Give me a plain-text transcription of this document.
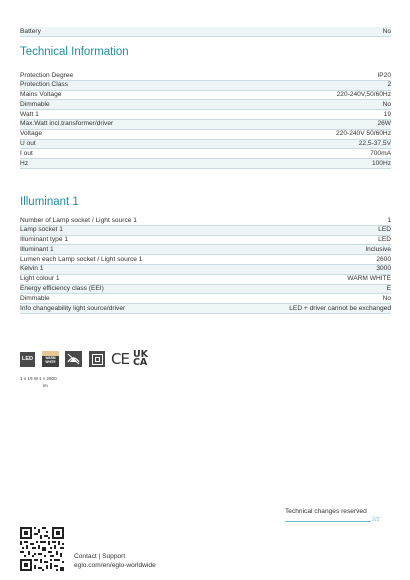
Battery	No
Technical Information
Protection Degree	IP20
Protection Class	2
Mains Voltage	220-240V,50/60Hz
Dimmable	No
Watt 1	19
Max.Watt incl.transformer/driver	26W
Voltage	220-240V 50/60Hz
U out	22,5-37,5V
I out	700mA
Hz	100Hz
Illuminant 1
Number of Lamp socket / Light source 1	1
Lamp socket 1	LED
Illuminant type 1	LED
Illuminant 1	Inclusive
Lumen each Lamp socket / Light source 1	2600
Kelvin 1	3000
Light colour 1	WARM WHITE
Energy efficiency class (EEI)	E
Dimmable	No
Info changeability light source/driver	LED + driver cannot be exchanged
LED	WARM
WHITE	CE UK
CA
1 x 19 W 1 x 2600
lm
Technical changes reserved
2/2
Contact | Support
eglo.com/en/eglo-worldwide
